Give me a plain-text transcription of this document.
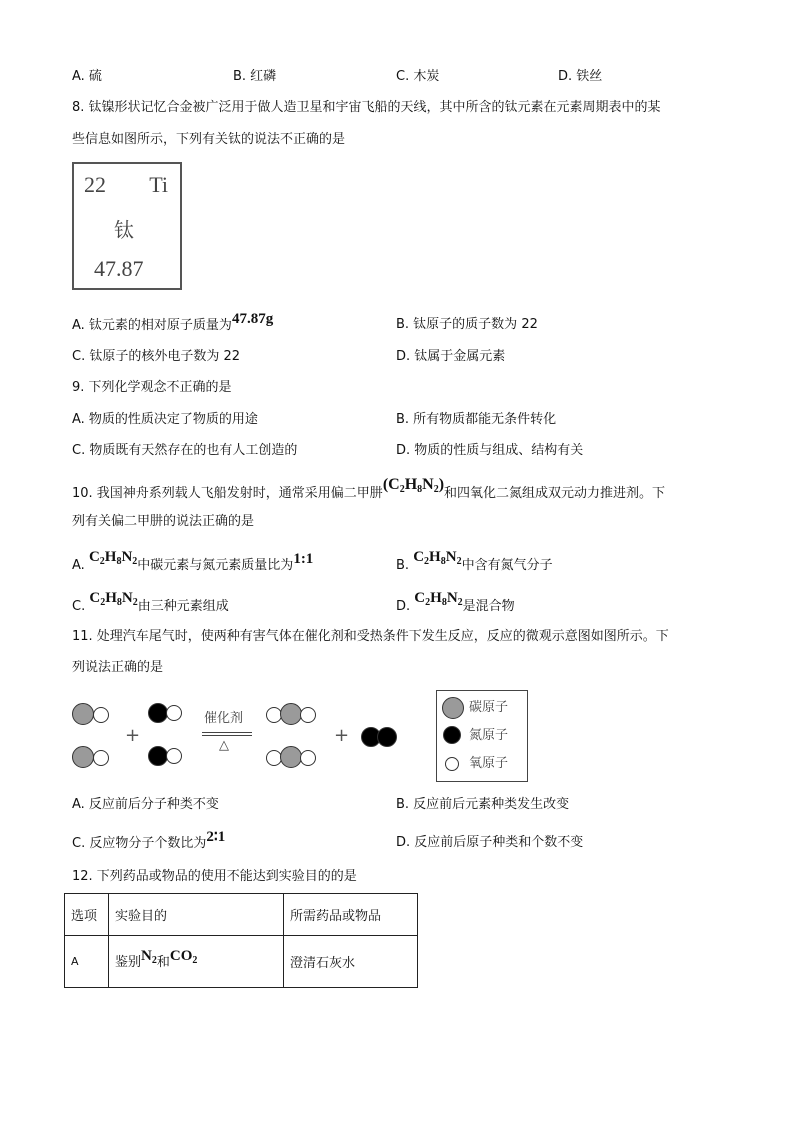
A. 硫	B. 红磷	C. 木炭	D. 铁丝
8. 钛镍形状记忆合金被广泛用于做人造卫星和宇宙飞船的天线，其中所含的钛元素在元素周期表中的某
些信息如图所示，下列有关钛的说法不正确的是
22 Ti
钛
47.87
A. 钛元素的相对原子质量为47.87g	B. 钛原子的质子数为 22
C. 钛原子的核外电子数为 22	D. 钛属于金属元素
9. 下列化学观念不正确的是
A. 物质的性质决定了物质的用途	B. 所有物质都能无条件转化
C. 物质既有天然存在的也有人工创造的	D. 物质的性质与组成、结构有关
10. 我国神舟系列载人飞船发射时，通常采用偏二甲肼$(C_2H_8N_2)$和四氧化二氮组成双元动力推进剂。下
列有关偏二甲肼的说法正确的是
A. $C_2H_8N_2$中碳元素与氮元素质量比为1:1	B. $C_2H_8N_2$中含有氮气分子
C. $C_2H_8N_2$由三种元素组成	D. $C_2H_8N_2$是混合物
11. 处理汽车尾气时，使两种有害气体在催化剂和受热条件下发生反应，反应的微观示意图如图所示。下
列说法正确的是
+
催化剂
△	+
碳原子
氮原子
氧原子
A. 反应前后分子种类不变	B. 反应前后元素种类发生改变
C. 反应物分子个数比为2∶1	D. 反应前后原子种类和个数不变
12. 下列药品或物品的使用不能达到实验目的的是
选项	实验目的	所需药品或物品
A	鉴别$N_2$和$CO_2$	澄清石灰水
